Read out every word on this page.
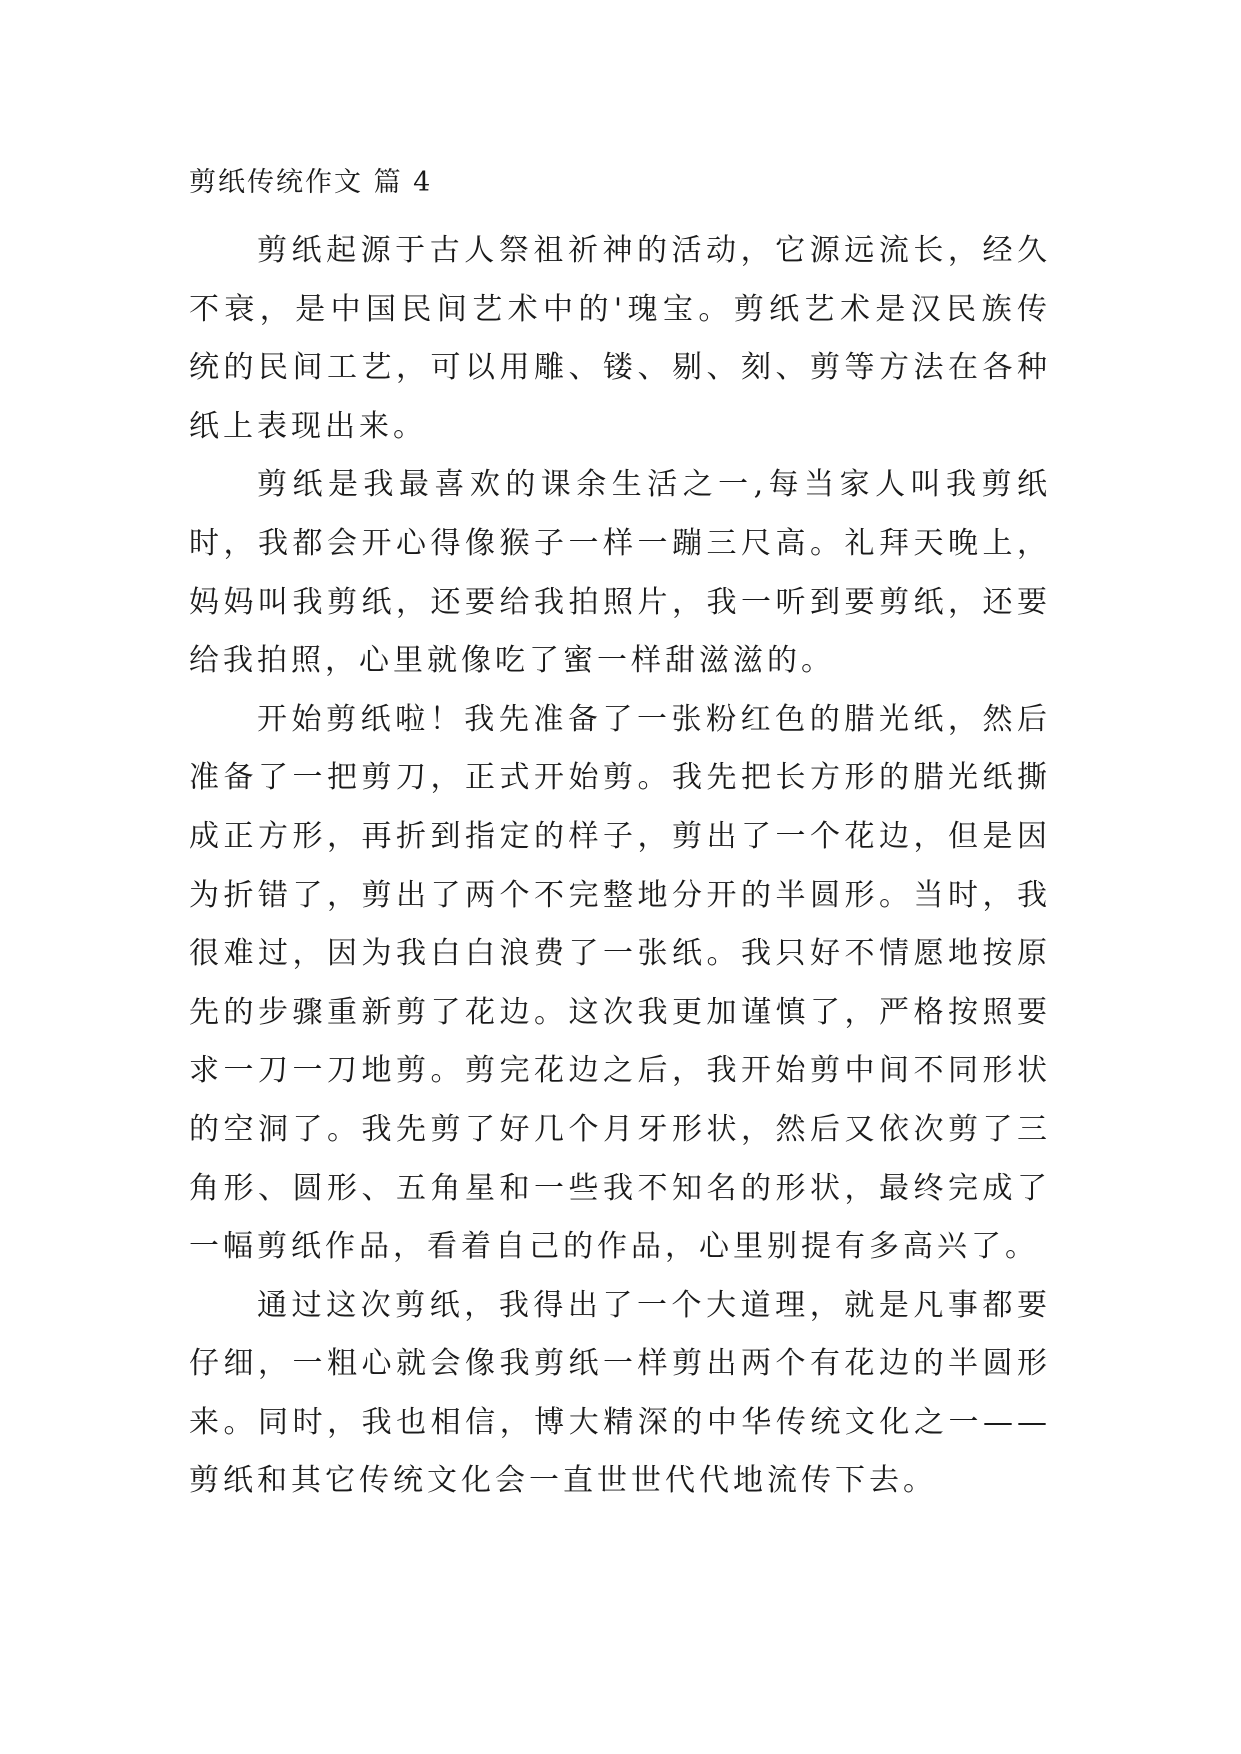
剪纸传统作文 篇 4

剪纸起源于古人祭祖祈神的活动，它源远流长，经久不衰，是中国民间艺术中的'瑰宝。剪纸艺术是汉民族传统的民间工艺，可以用雕、镂、剔、刻、剪等方法在各种纸上表现出来。

剪纸是我最喜欢的课余生活之一,每当家人叫我剪纸时，我都会开心得像猴子一样一蹦三尺高。礼拜天晚上，妈妈叫我剪纸，还要给我拍照片，我一听到要剪纸，还要给我拍照，心里就像吃了蜜一样甜滋滋的。

开始剪纸啦！我先准备了一张粉红色的腊光纸，然后准备了一把剪刀，正式开始剪。我先把长方形的腊光纸撕成正方形，再折到指定的样子，剪出了一个花边，但是因为折错了，剪出了两个不完整地分开的半圆形。当时，我很难过，因为我白白浪费了一张纸。我只好不情愿地按原先的步骤重新剪了花边。这次我更加谨慎了，严格按照要求一刀一刀地剪。剪完花边之后，我开始剪中间不同形状的空洞了。我先剪了好几个月牙形状，然后又依次剪了三角形、圆形、五角星和一些我不知名的形状，最终完成了一幅剪纸作品，看着自己的作品，心里别提有多高兴了。

通过这次剪纸，我得出了一个大道理，就是凡事都要仔细，一粗心就会像我剪纸一样剪出两个有花边的半圆形来。同时，我也相信，博大精深的中华传统文化之一——剪纸和其它传统文化会一直世世代代地流传下去。
